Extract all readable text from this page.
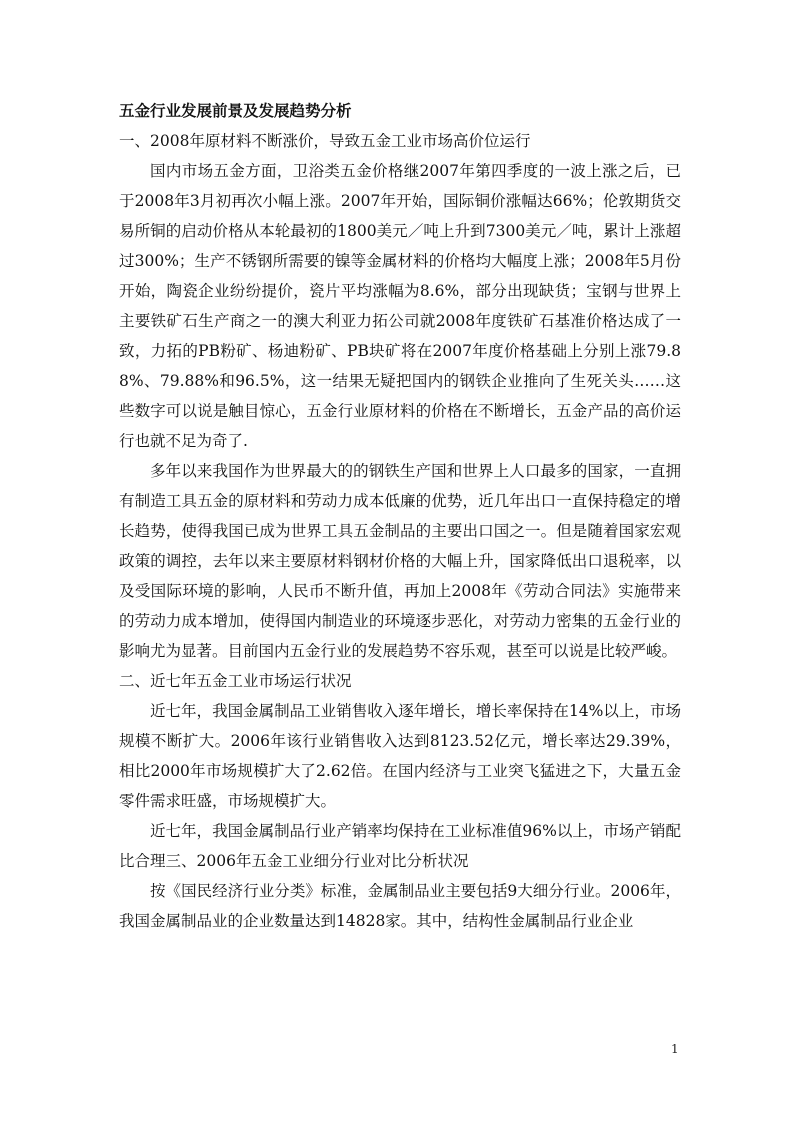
五金行业发展前景及发展趋势分析

一、2008年原材料不断涨价，导致五金工业市场高价位运行

国内市场五金方面，卫浴类五金价格继2007年第四季度的一波上涨之后，已于2008年3月初再次小幅上涨。2007年开始，国际铜价涨幅达66%；伦敦期货交易所铜的启动价格从本轮最初的1800美元／吨上升到7300美元／吨，累计上涨超过300%；生产不锈钢所需要的镍等金属材料的价格均大幅度上涨；2008年5月份开始，陶瓷企业纷纷提价，瓷片平均涨幅为8.6%，部分出现缺货；宝钢与世界上主要铁矿石生产商之一的澳大利亚力拓公司就2008年度铁矿石基准价格达成了一致，力拓的PB粉矿、杨迪粉矿、PB块矿将在2007年度价格基础上分别上涨79.88%、79.88%和96.5%，这一结果无疑把国内的钢铁企业推向了生死关头……这些数字可以说是触目惊心，五金行业原材料的价格在不断增长，五金产品的高价运行也就不足为奇了.

多年以来我国作为世界最大的的钢铁生产国和世界上人口最多的国家，一直拥有制造工具五金的原材料和劳动力成本低廉的优势，近几年出口一直保持稳定的增长趋势，使得我国已成为世界工具五金制品的主要出口国之一。但是随着国家宏观政策的调控，去年以来主要原材料钢材价格的大幅上升，国家降低出口退税率，以及受国际环境的影响，人民币不断升值，再加上2008年《劳动合同法》实施带来的劳动力成本增加，使得国内制造业的环境逐步恶化，对劳动力密集的五金行业的影响尤为显著。目前国内五金行业的发展趋势不容乐观，甚至可以说是比较严峻。

二、近七年五金工业市场运行状况

近七年，我国金属制品工业销售收入逐年增长，增长率保持在14%以上，市场规模不断扩大。2006年该行业销售收入达到8123.52亿元，增长率达29.39%，相比2000年市场规模扩大了2.62倍。在国内经济与工业突飞猛进之下，大量五金零件需求旺盛，市场规模扩大。

近七年，我国金属制品行业产销率均保持在工业标准值96%以上，市场产销配比合理三、2006年五金工业细分行业对比分析状况

按《国民经济行业分类》标准，金属制品业主要包括9大细分行业。2006年，我国金属制品业的企业数量达到14828家。其中，结构性金属制品行业企业

1
